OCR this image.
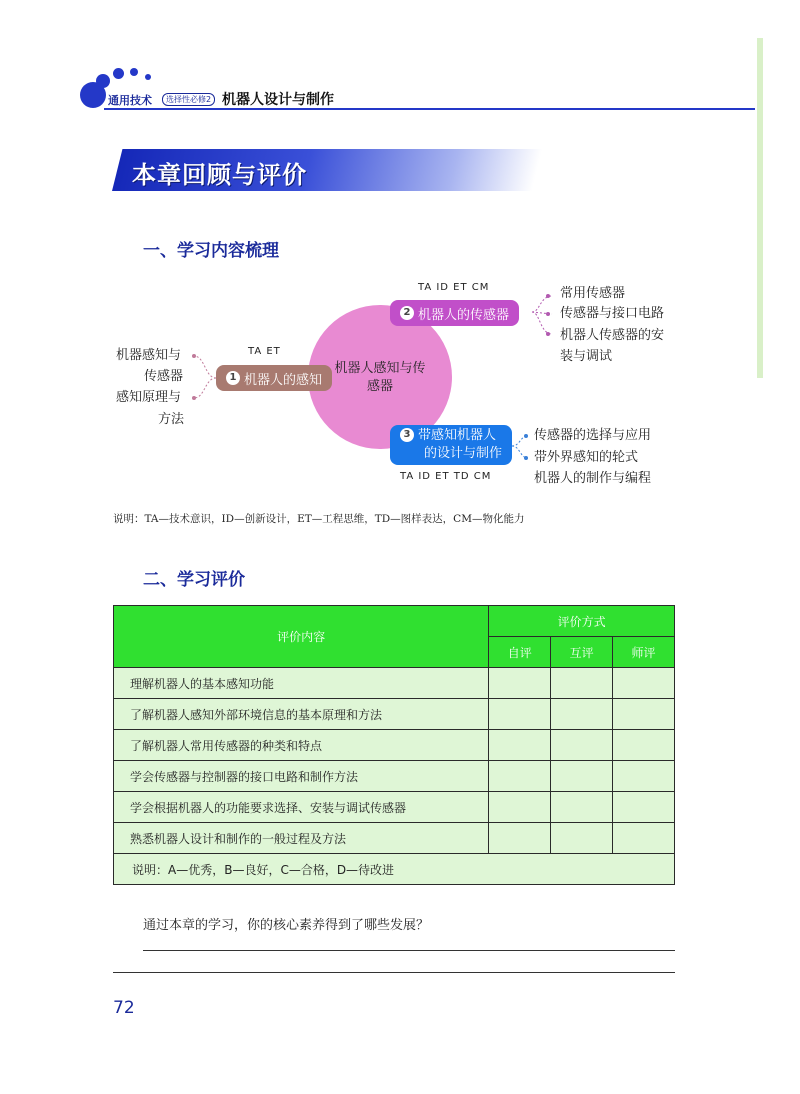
通用技术	选择性必修2 机器人设计与制作
本章回顾与评价
一、学习内容梳理
机器人感知与传感器
TA ET
1 机器人的感知
机器感知与
传感器
感知原理与
方法
TA ID ET CM
2 机器人的传感器
常用传感器
传感器与接口电路
机器人传感器的安
装与调试
3 带感知机器人
的设计与制作
TA ID ET TD CM
传感器的选择与应用
带外界感知的轮式
机器人的制作与编程
说明：TA—技术意识，ID—创新设计，ET—工程思维，TD—图样表达，CM—物化能力
二、学习评价
评价内容	评价方式		
	自评	互评	师评
理解机器人的基本感知功能			
了解机器人感知外部环境信息的基本原理和方法			
了解机器人常用传感器的种类和特点			
学会传感器与控制器的接口电路和制作方法			
学会根据机器人的功能要求选择、安装与调试传感器			
熟悉机器人设计和制作的一般过程及方法			
说明：A—优秀，B—良好，C—合格，D—待改进			
通过本章的学习，你的核心素养得到了哪些发展？
72
